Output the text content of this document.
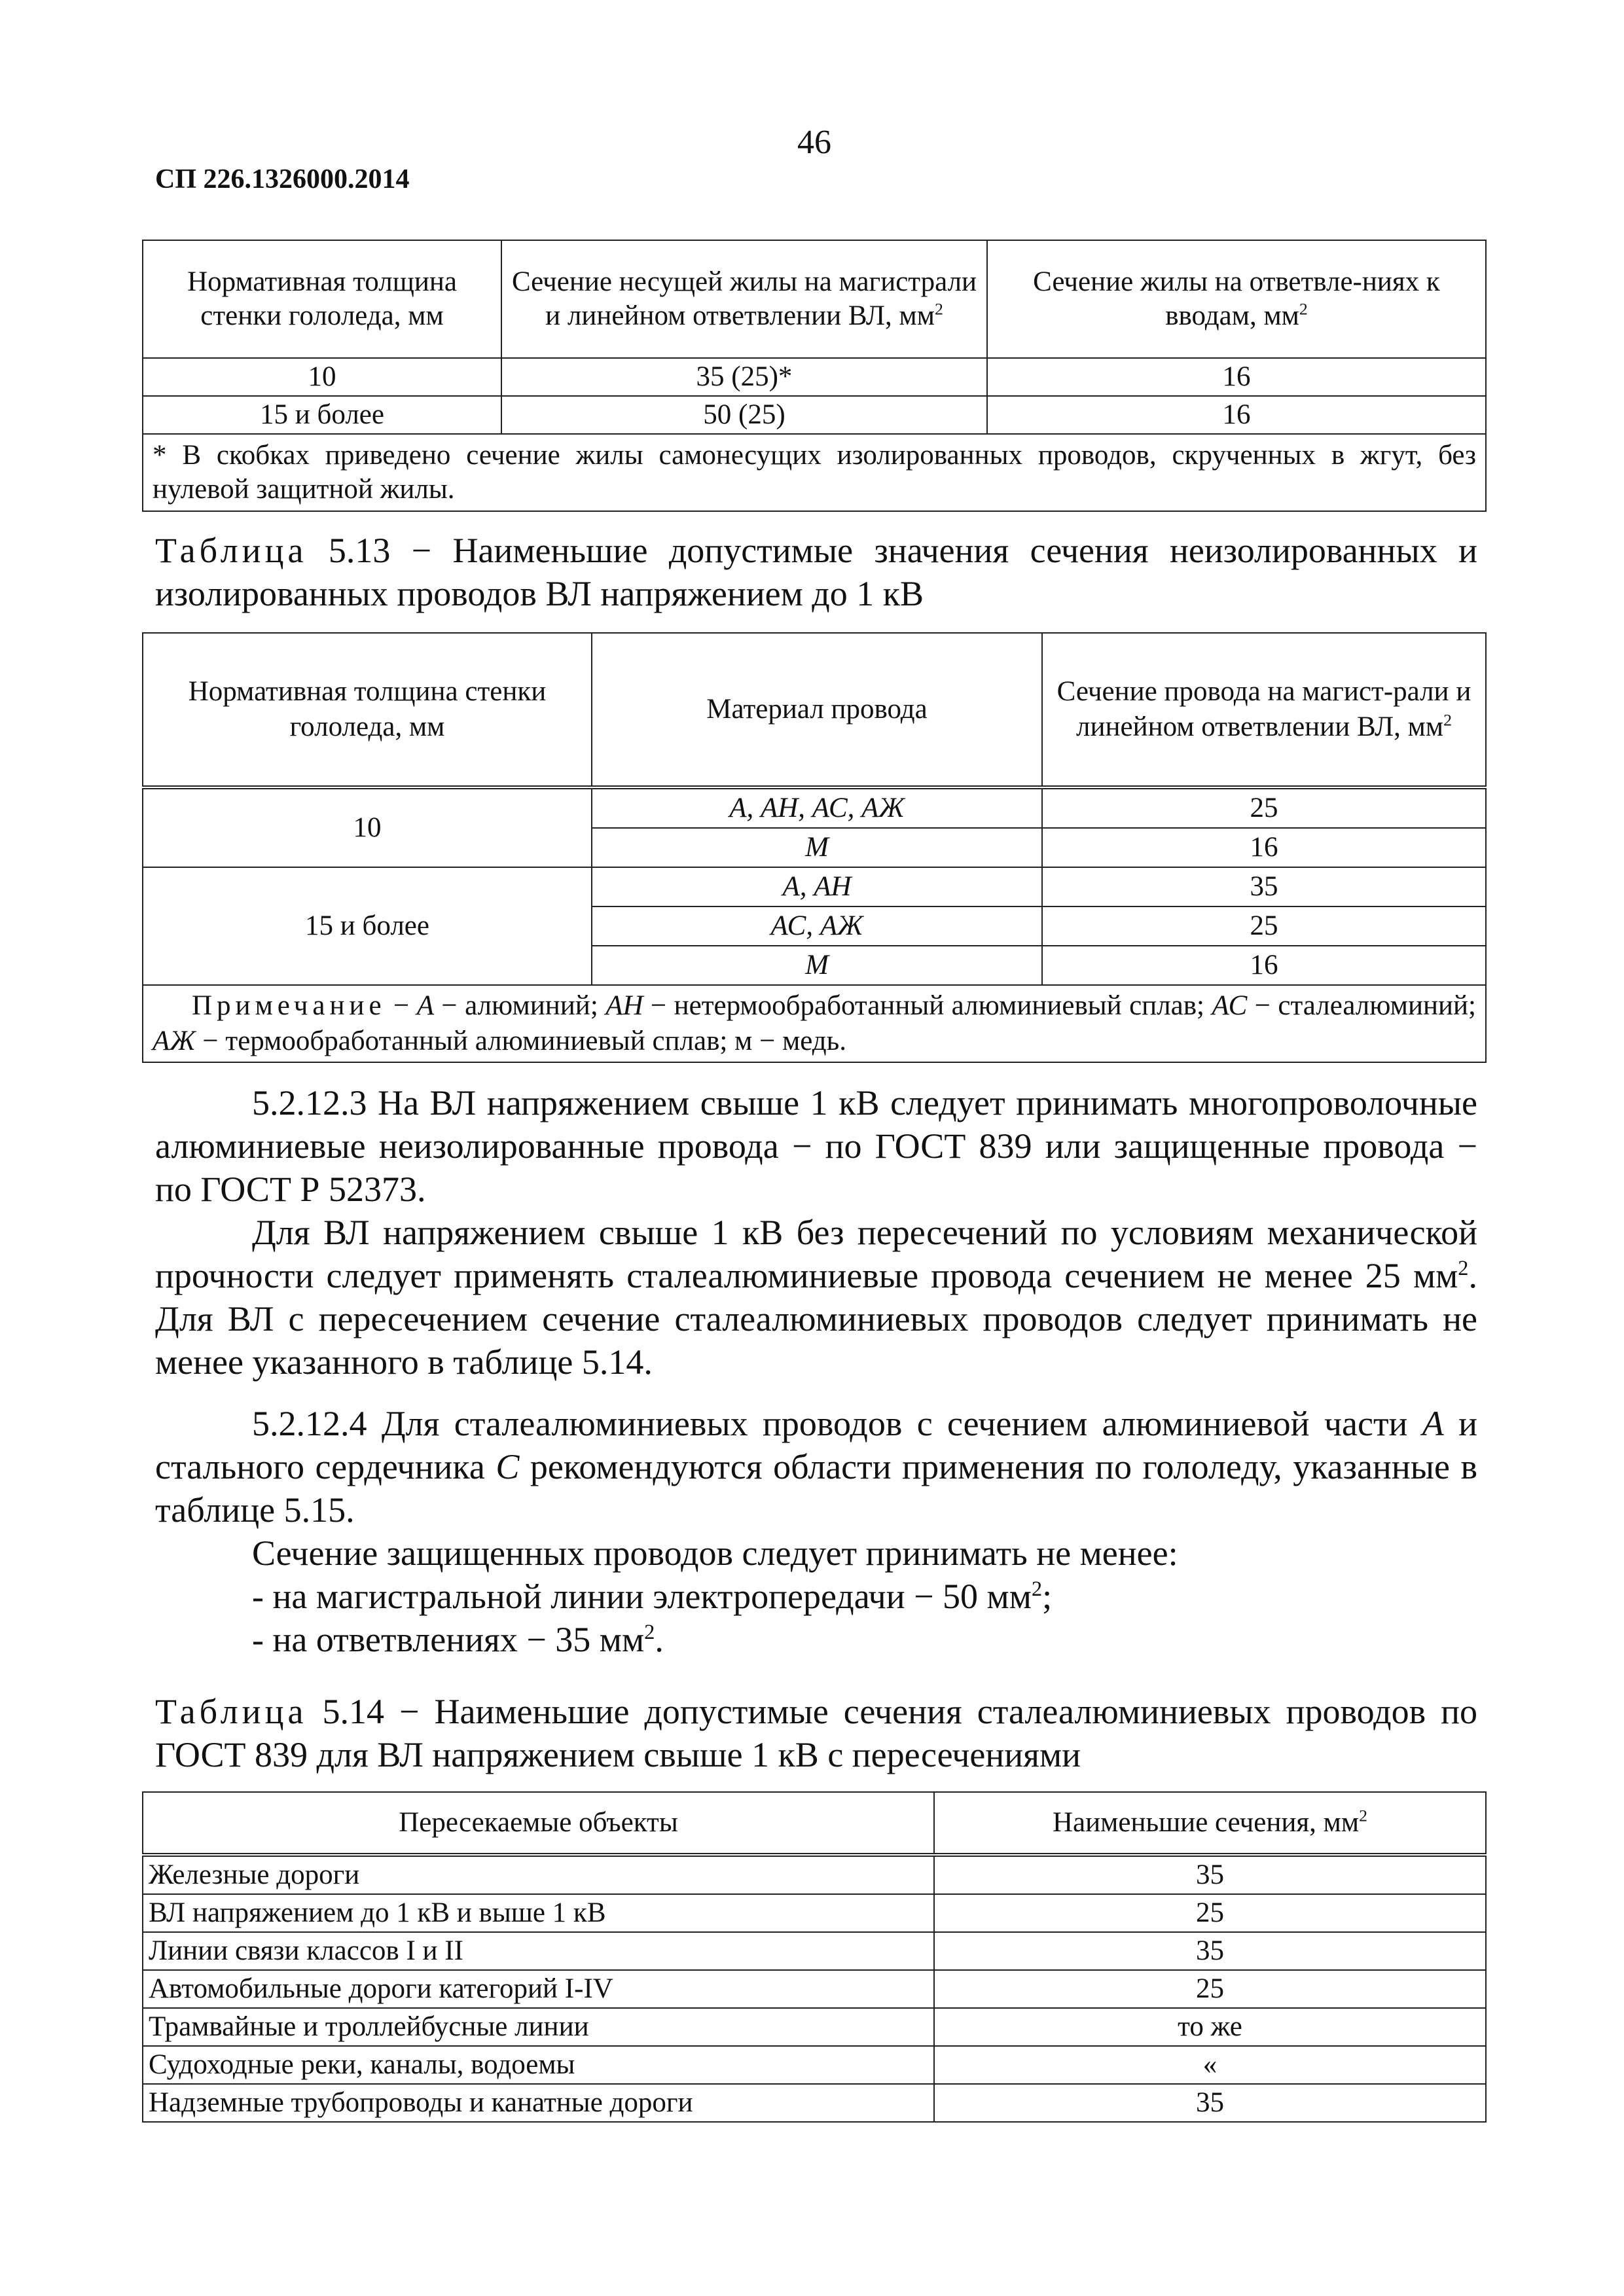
46
СП 226.1326000.2014
Нормативная толщина стенки гололеда, мм	Сечение несущей жилы на магистрали и линейном ответвлении ВЛ, $мм^2$	Сечение жилы на ответвле-ниях к вводам, $мм^2$
10	35 (25)*	16
15 и более	50 (25)	16
* В скобках приведено сечение жилы самонесущих изолированных проводов, скрученных в жгут, без нулевой защитной жилы.		
Таблица 5.13 − Наименьшие допустимые значения сечения неизолированных и изолированных проводов ВЛ напряжением до 1 кВ
Нормативная толщина стенки гололеда, мм	Материал провода	Сечение провода на магист-рали и линейном ответвлении ВЛ, $мм^2$
10	А, АН, АС, АЖ	25
	М	16
15 и более	А, АН	35
	АС, АЖ	25
	М	16
Примечание − А − алюминий; АН − нетермообработанный алюминиевый сплав; АС − сталеалюминий; АЖ − термообработанный алюминиевый сплав; м − медь.		

5.2.12.3 На ВЛ напряжением свыше 1 кВ следует принимать многопроволочные алюминиевые неизолированные провода − по ГОСТ 839 или защищенные провода − по ГОСТ Р 52373.

Для ВЛ напряжением свыше 1 кВ без пересечений по условиям механической прочности следует применять сталеалюминиевые провода сечением не менее 25 $мм^2$. Для ВЛ с пересечением сечение сталеалюминиевых проводов следует принимать не менее указанного в таблице 5.14.

5.2.12.4 Для сталеалюминиевых проводов с сечением алюминиевой части А и стального сердечника С рекомендуются области применения по гололеду, указанные в таблице 5.15.

Сечение защищенных проводов следует принимать не менее:

- на магистральной линии электропередачи − 50 $мм^2$;

- на ответвлениях − 35 $мм^2$.

Таблица 5.14 − Наименьшие допустимые сечения сталеалюминиевых проводов по ГОСТ 839 для ВЛ напряжением свыше 1 кВ с пересечениями
Пересекаемые объекты	Наименьшие сечения, $мм^2$
Железные дороги	35
ВЛ напряжением до 1 кВ и выше 1 кВ	25
Линии связи классов I и II	35
Автомобильные дороги категорий I-IV	25
Трамвайные и троллейбусные линии	то же
Судоходные реки, каналы, водоемы	«
Надземные трубопроводы и канатные дороги	35
